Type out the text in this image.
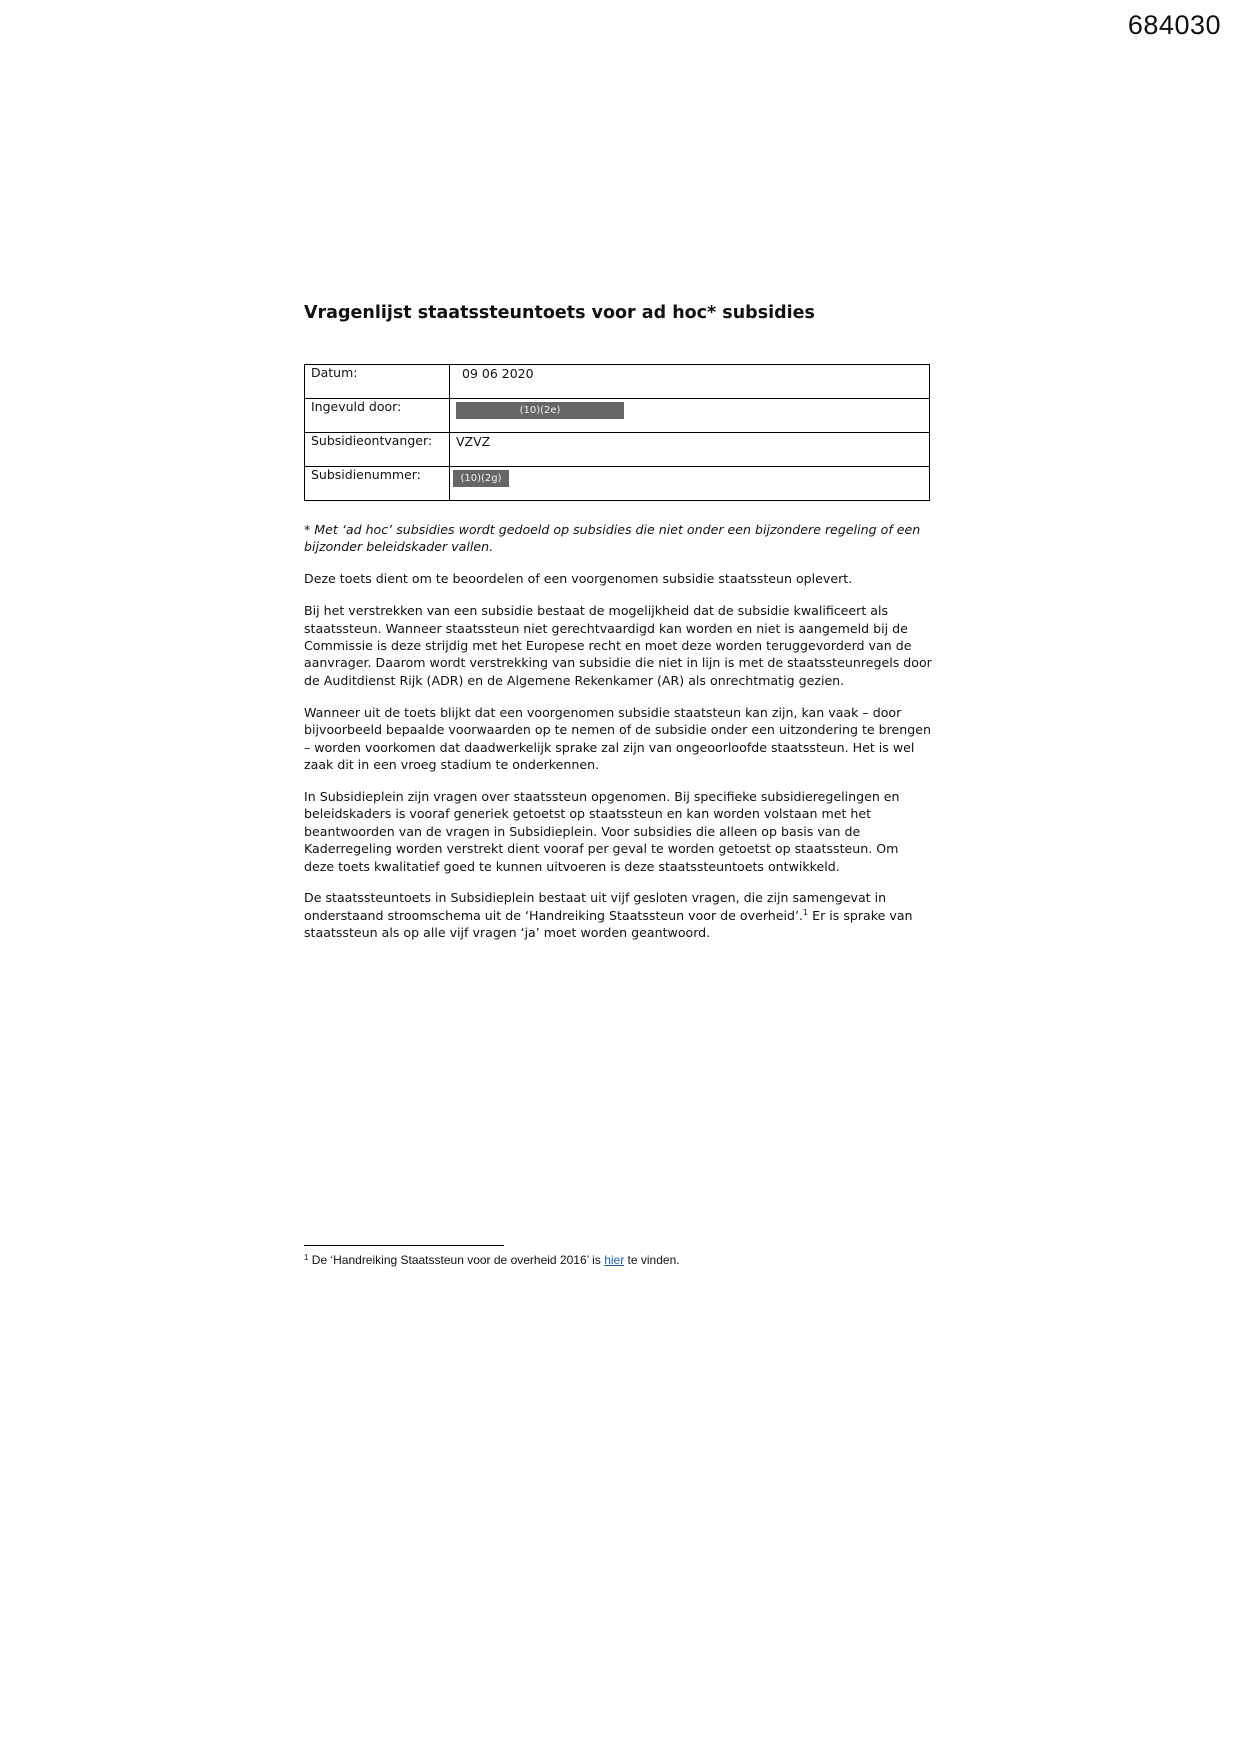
684030
Vragenlijst staatssteuntoets voor ad hoc* subsidies
Datum:	09 06 2020
Ingevuld door:	(10)(2e)
Subsidieontvanger:	VZVZ
Subsidienummer:	(10)(2g)

* Met ‘ad hoc’ subsidies wordt gedoeld op subsidies die niet onder een bijzondere regeling of een bijzonder beleidskader vallen.

Deze toets dient om te beoordelen of een voorgenomen subsidie staatssteun oplevert.

Bij het verstrekken van een subsidie bestaat de mogelijkheid dat de subsidie kwalificeert als staatssteun. Wanneer staatssteun niet gerechtvaardigd kan worden en niet is aangemeld bij de Commissie is deze strijdig met het Europese recht en moet deze worden teruggevorderd van de aanvrager. Daarom wordt verstrekking van subsidie die niet in lijn is met de staatssteunregels door de Auditdienst Rijk (ADR) en de Algemene Rekenkamer (AR) als onrechtmatig gezien.

Wanneer uit de toets blijkt dat een voorgenomen subsidie staatsteun kan zijn, kan vaak – door bijvoorbeeld bepaalde voorwaarden op te nemen of de subsidie onder een uitzondering te brengen – worden voorkomen dat daadwerkelijk sprake zal zijn van ongeoorloofde staatssteun. Het is wel zaak dit in een vroeg stadium te onderkennen.

In Subsidieplein zijn vragen over staatssteun opgenomen. Bij specifieke subsidieregelingen en beleidskaders is vooraf generiek getoetst op staatssteun en kan worden volstaan met het beantwoorden van de vragen in Subsidieplein. Voor subsidies die alleen op basis van de Kaderregeling worden verstrekt dient vooraf per geval te worden getoetst op staatssteun. Om deze toets kwalitatief goed te kunnen uitvoeren is deze staatssteuntoets ontwikkeld.

De staatssteuntoets in Subsidieplein bestaat uit vijf gesloten vragen, die zijn samengevat in onderstaand stroomschema uit de ‘Handreiking Staatssteun voor de overheid’.$^1$ Er is sprake van staatssteun als op alle vijf vragen ‘ja’ moet worden geantwoord.

$^1$ De ‘Handreiking Staatssteun voor de overheid 2016’ is hier te vinden.
